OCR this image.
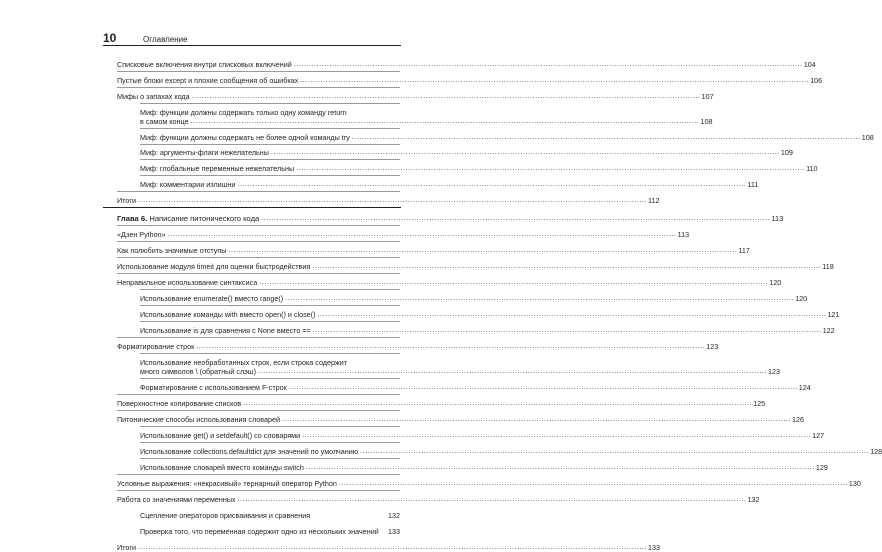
10	Оглавление
Списковые включения внутри списковых включений ........................................................................................................................................................................................................ 104
Пустые блоки except и плохие сообщения об ошибках ........................................................................................................................................................................................................ 106
Мифы о запахах кода ........................................................................................................................................................................................................ 107
Миф: функции должны содержать только одну команду return
в самом конце ........................................................................................................................................................................................................ 108
Миф: функции должны содержать не более одной команды try ........................................................................................................................................................................................................ 108
Миф: аргументы-флаги нежелательны ........................................................................................................................................................................................................ 109
Миф: глобальные переменные нежелательны ........................................................................................................................................................................................................ 110
Миф: комментарии излишни ........................................................................................................................................................................................................ 111
Итоги ........................................................................................................................................................................................................ 112
Глава 6. Написание питонического кода ........................................................................................................................................................................................................ 113
«Дзен Python» ........................................................................................................................................................................................................ 113
Как полюбить значимые отступы ........................................................................................................................................................................................................ 117
Использование модуля timeit для оценки быстродействия ........................................................................................................................................................................................................ 118
Неправильное использование синтаксиса ........................................................................................................................................................................................................ 120
Использование enumerate() вместо range() ........................................................................................................................................................................................................ 120
Использование команды with вместо open() и close() ........................................................................................................................................................................................................ 121
Использование is для сравнения с None вместо == ........................................................................................................................................................................................................ 122
Форматирование строк ........................................................................................................................................................................................................ 123
Использование необработанных строк, если строка содержит
много символов \ (обратный слэш) ........................................................................................................................................................................................................ 123
Форматирование с использованием F-строк ........................................................................................................................................................................................................ 124
Поверхностное копирование списков ........................................................................................................................................................................................................ 125
Питонические способы использования словарей ........................................................................................................................................................................................................ 126
Использование get() и setdefault() со словарями ........................................................................................................................................................................................................ 127
Использование collections.defaultdict для значений по умолчанию ........................................................................................................................................................................................................ 128
Использование словарей вместо команды switch ........................................................................................................................................................................................................ 129
Условные выражения: «некрасивый» тернарный оператор Python ........................................................................................................................................................................................................ 130
Работа со значениями переменных ........................................................................................................................................................................................................ 132
Сцепление операторов присваивания и сравнения	132
Проверка того, что переменная содержит одно из нескольких значений 133
Итоги ........................................................................................................................................................................................................ 133
